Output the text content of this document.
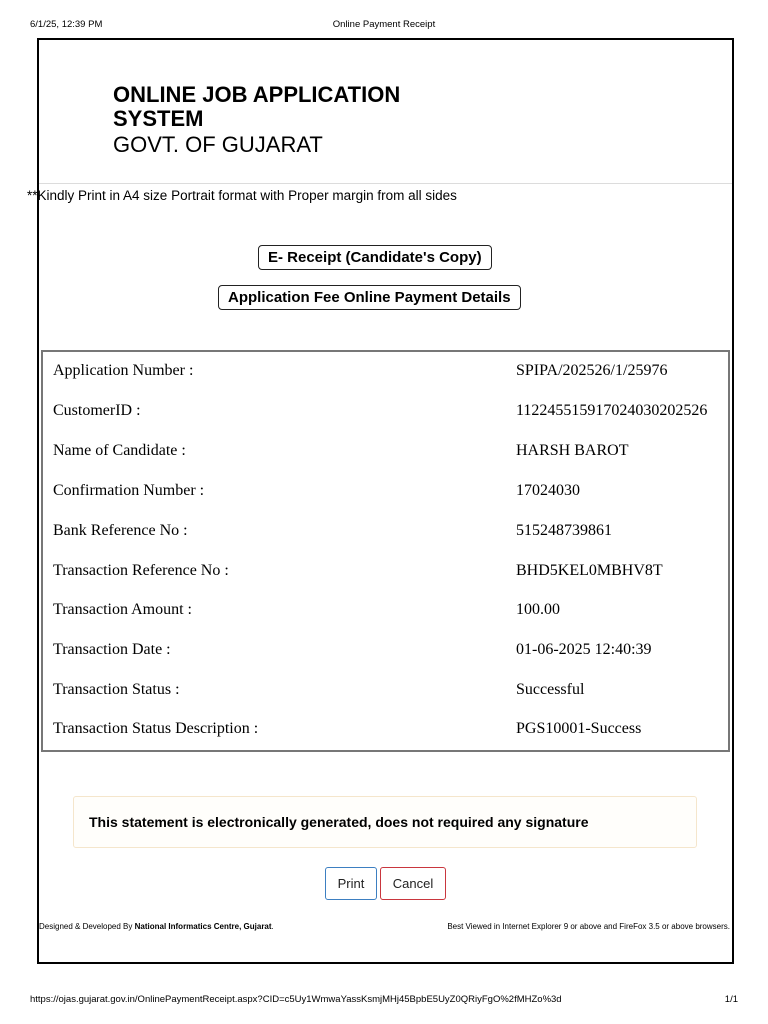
6/1/25, 12:39 PM	Online Payment Receipt
ONLINE JOB APPLICATION
SYSTEM
GOVT. OF GUJARAT
**Kindly Print in A4 size Portrait format with Proper margin from all sides
E- Receipt (Candidate's Copy)
Application Fee Online Payment Details
Application Number :	SPIPA/202526/1/25976
CustomerID :	11224551591702403020​2526
Name of Candidate :	HARSH BAROT
Confirmation Number :	17024030
Bank Reference No :	515248739861
Transaction Reference No :	BHD5KEL0MBHV8T
Transaction Amount :	100.00
Transaction Date :	01-06-2025 12:40:39
Transaction Status :	Successful
Transaction Status Description :	PGS10001-Success
This statement is electronically generated, does not required any signature
Print	Cancel
Designed & Developed By National Informatics Centre, Gujarat.	Best Viewed in Internet Explorer 9 or above and FireFox 3.5 or above browsers.
https://ojas.gujarat.gov.in/OnlinePaymentReceipt.aspx?CID=c5Uy1WmwaYassKsmjMHj45BpbE5UyZ0QRiyFgO%2fMHZo%3d	1/1
